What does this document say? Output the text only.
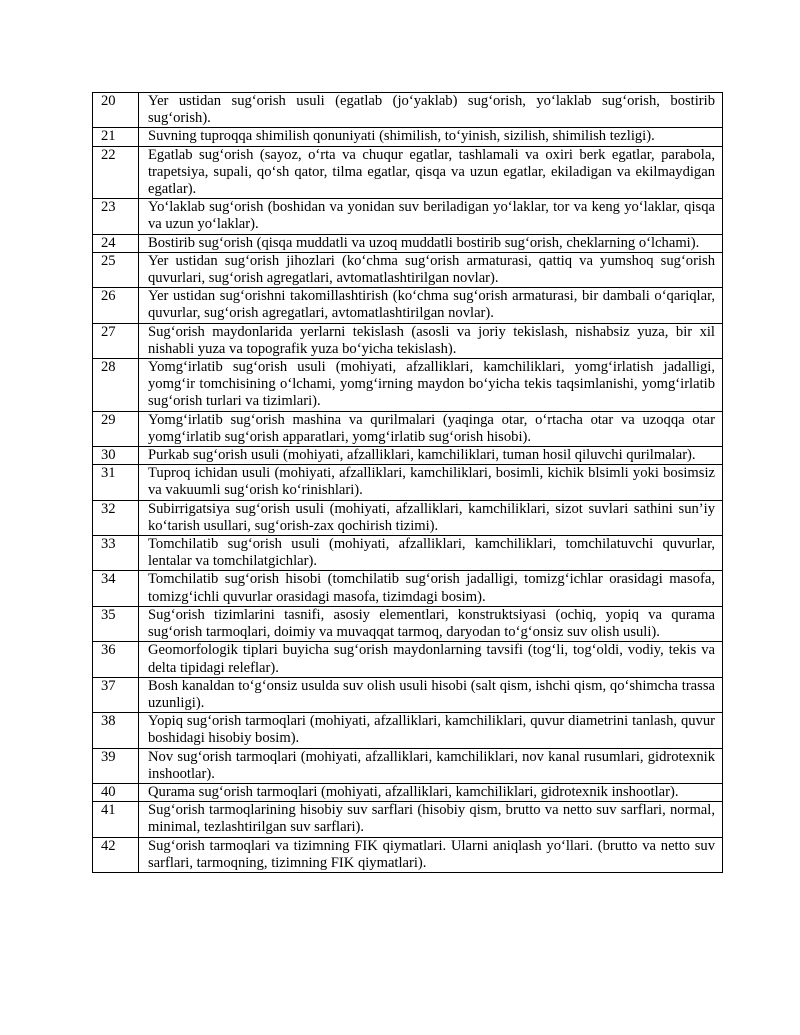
20	Yer ustidan sug‘orish usuli (egatlab (jo‘yaklab) sug‘orish, yo‘laklab sug‘orish, bostirib sug‘orish).
21	Suvning tuproqqa shimilish qonuniyati (shimilish, to‘yinish, sizilish, shimilish tezligi).
22	Egatlab sug‘orish (sayoz, o‘rta va chuqur egatlar, tashlamali va oxiri berk egatlar, parabola, trapetsiya, supali, qo‘sh qator, tilma egatlar, qisqa va uzun egatlar, ekiladigan va ekilmaydigan egatlar).
23	Yo‘laklab sug‘orish (boshidan va yonidan suv beriladigan yo‘laklar, tor va keng yo‘laklar, qisqa va uzun yo‘laklar).
24	Bostirib sug‘orish (qisqa muddatli va uzoq muddatli bostirib sug‘orish, cheklarning o‘lchami).
25	Yer ustidan sug‘orish jihozlari (ko‘chma sug‘orish armaturasi, qattiq va yumshoq sug‘orish quvurlari, sug‘orish agregatlari, avtomatlashtirilgan novlar).
26	Yer ustidan sug‘orishni takomillashtirish (ko‘chma sug‘orish armaturasi, bir dambali o‘qariqlar, quvurlar, sug‘orish agregatlari, avtomatlashtirilgan novlar).
27	Sug‘orish maydonlarida yerlarni tekislash (asosli va joriy tekislash, nishabsiz yuza, bir xil nishabli yuza va topografik yuza bo‘yicha tekislash).
28	Yomg‘irlatib sug‘orish usuli (mohiyati, afzalliklari, kamchiliklari, yomg‘irlatish jadalligi, yomg‘ir tomchisining o‘lchami, yomg‘irning maydon bo‘yicha tekis taqsimlanishi, yomg‘irlatib sug‘orish turlari va tizimlari).
29	Yomg‘irlatib sug‘orish mashina va qurilmalari (yaqinga otar, o‘rtacha otar va uzoqqa otar yomg‘irlatib sug‘orish apparatlari, yomg‘irlatib sug‘orish hisobi).
30	Purkab sug‘orish usuli (mohiyati, afzalliklari, kamchiliklari, tuman hosil qiluvchi qurilmalar).
31	Tuproq ichidan usuli (mohiyati, afzalliklari, kamchiliklari, bosimli, kichik blsimli yoki bosimsiz va vakuumli sug‘orish ko‘rinishlari).
32	Subirrigatsiya sug‘orish usuli (mohiyati, afzalliklari, kamchiliklari, sizot suvlari sathini sun’iy ko‘tarish usullari, sug‘orish-zax qochirish tizimi).
33	Tomchilatib sug‘orish usuli (mohiyati, afzalliklari, kamchiliklari, tomchilatuvchi quvurlar, lentalar va tomchilatgichlar).
34	Tomchilatib sug‘orish hisobi (tomchilatib sug‘orish jadalligi, tomizg‘ichlar orasidagi masofa, tomizg‘ichli quvurlar orasidagi masofa, tizimdagi bosim).
35	Sug‘orish tizimlarini tasnifi, asosiy elementlari, konstruktsiyasi (ochiq, yopiq va qurama sug‘orish tarmoqlari, doimiy va muvaqqat tarmoq, daryodan to‘g‘onsiz suv olish usuli).
36	Geomorfologik tiplari buyicha sug‘orish maydonlarning tavsifi (tog‘li, tog‘oldi, vodiy, tekis va delta tipidagi releflar).
37	Bosh kanaldan to‘g‘onsiz usulda suv olish usuli hisobi (salt qism, ishchi qism, qo‘shimcha trassa uzunligi).
38	Yopiq sug‘orish tarmoqlari (mohiyati, afzalliklari, kamchiliklari, quvur diametrini tanlash, quvur boshidagi hisobiy bosim).
39	Nov sug‘orish tarmoqlari (mohiyati, afzalliklari, kamchiliklari, nov kanal rusumlari, gidrotexnik inshootlar).
40	Qurama sug‘orish tarmoqlari (mohiyati, afzalliklari, kamchiliklari, gidrotexnik inshootlar).
41	Sug‘orish tarmoqlarining hisobiy suv sarflari (hisobiy qism, brutto va netto suv sarflari, normal, minimal, tezlashtirilgan suv sarflari).
42	Sug‘orish tarmoqlari va tizimning FIK qiymatlari. Ularni aniqlash yo‘llari. (brutto va netto suv sarflari, tarmoqning, tizimning FIK qiymatlari).
